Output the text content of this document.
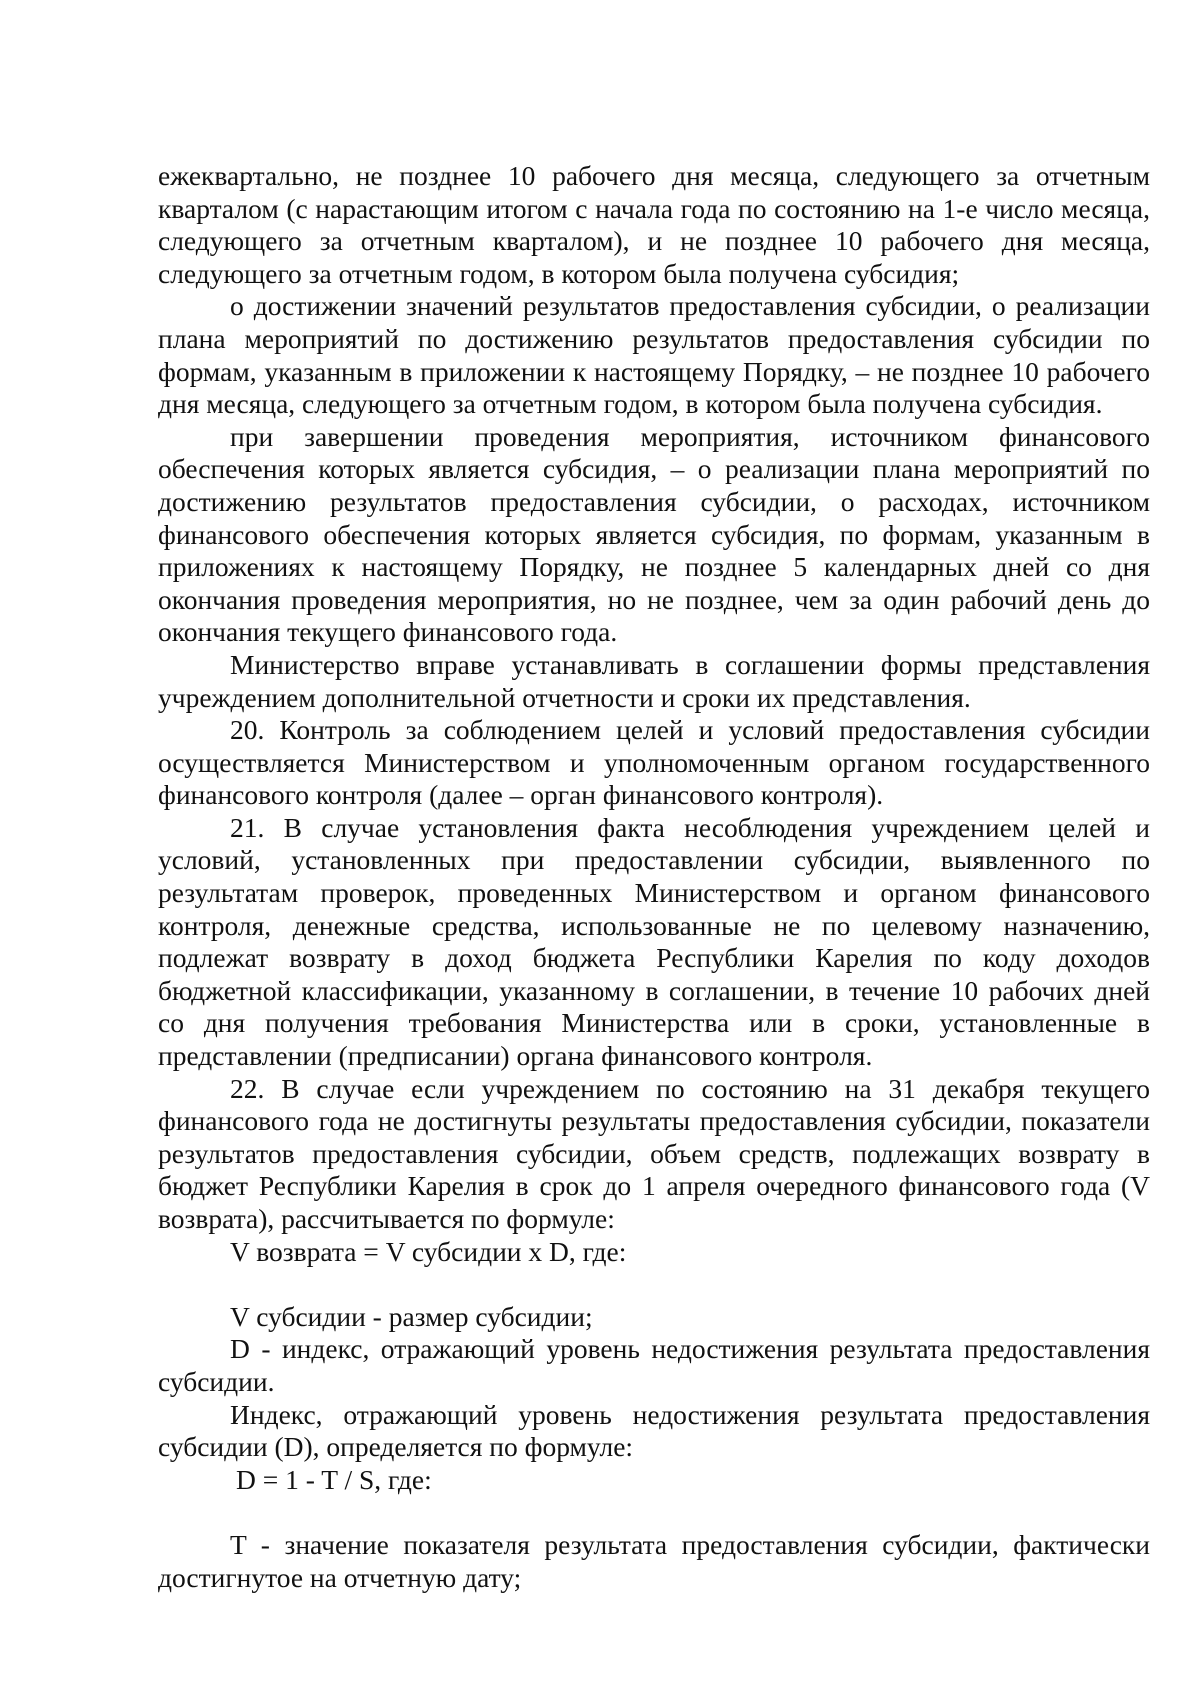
ежеквартально, не позднее 10 рабочего дня месяца, следующего за отчетным кварталом (с нарастающим итогом с начала года по состоянию на 1-е число месяца, следующего за отчетным кварталом), и не позднее 10 рабочего дня месяца, следующего за отчетным годом, в котором была получена субсидия;

о достижении значений результатов предоставления субсидии, о реализации плана мероприятий по достижению результатов предоставления субсидии по формам, указанным в приложении к настоящему Порядку, – не позднее 10 рабочего дня месяца, следующего за отчетным годом, в котором была получена субсидия.

при завершении проведения мероприятия, источником финансового обеспечения которых является субсидия, – о реализации плана мероприятий по достижению результатов предоставления субсидии, о расходах, источником финансового обеспечения которых является субсидия, по формам, указанным в приложениях к настоящему Порядку, не позднее 5 календарных дней со дня окончания проведения мероприятия, но не позднее, чем за один рабочий день до окончания текущего финансового года.

Министерство вправе устанавливать в соглашении формы представления учреждением дополнительной отчетности и сроки их представления.

20. Контроль за соблюдением целей и условий предоставления субсидии осуществляется Министерством и уполномоченным органом государственного финансового контроля (далее – орган финансового контроля).

21. В случае установления факта несоблюдения учреждением целей и условий, установленных при предоставлении субсидии, выявленного по результатам проверок, проведенных Министерством и органом финансового контроля, денежные средства, использованные не по целевому назначению, подлежат возврату в доход бюджета Республики Карелия по коду доходов бюджетной классификации, указанному в соглашении, в течение 10 рабочих дней со дня получения требования Министерства или в сроки, установленные в представлении (предписании) органа финансового контроля.

22. В случае если учреждением по состоянию на 31 декабря текущего финансового года не достигнуты результаты предоставления субсидии, показатели результатов предоставления субсидии, объем средств, подлежащих возврату в бюджет Республики Карелия в срок до 1 апреля очередного финансового года (V возврата), рассчитывается по формуле:

V возврата = V субсидии x D, где:

V субсидии - размер субсидии;

D - индекс, отражающий уровень недостижения результата предоставления субсидии.

Индекс, отражающий уровень недостижения результата предоставления субсидии (D), определяется по формуле:

D = 1 - T / S, где:

T - значение показателя результата предоставления субсидии, фактически достигнутое на отчетную дату;
